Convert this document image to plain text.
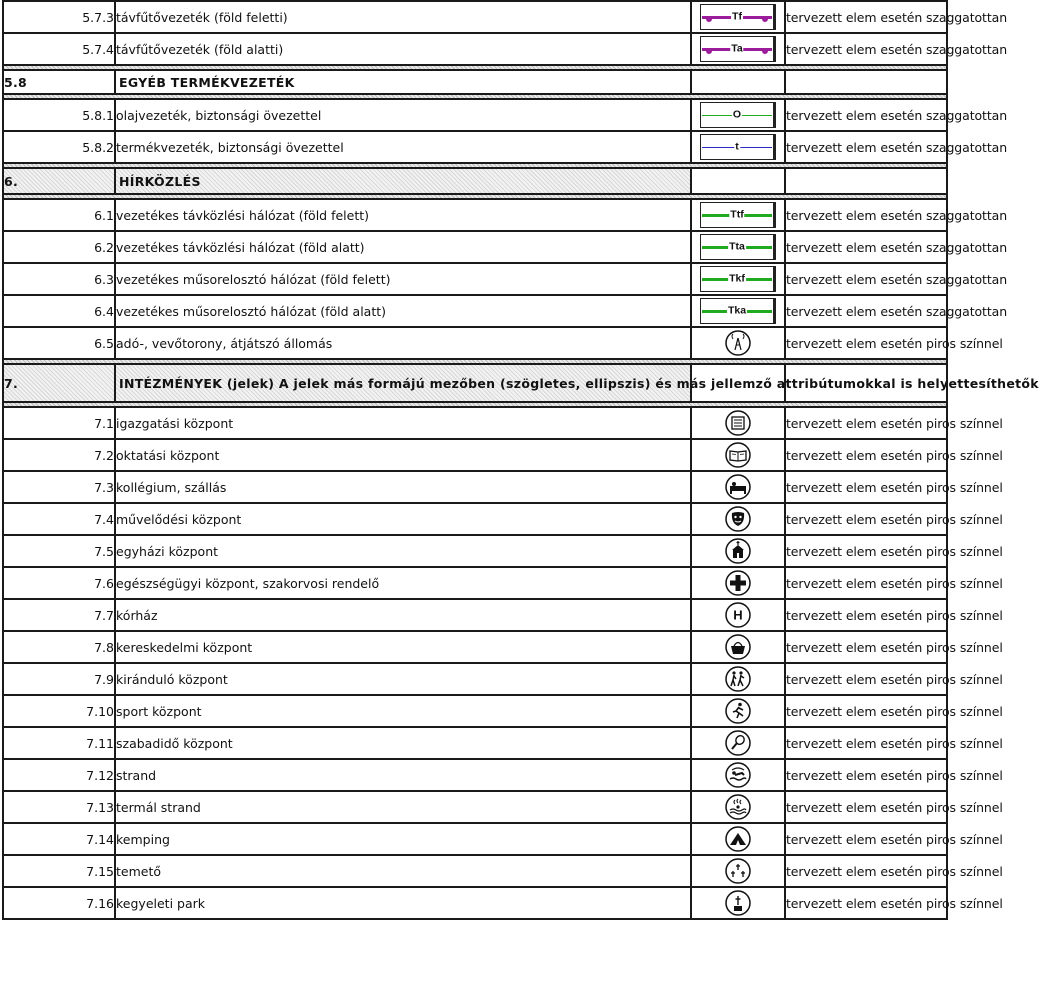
5.7.3	távfűtővezeték (föld feletti)	Tf	tervezett elem esetén szaggatottan
5.7.4	távfűtővezeték (föld alatti)	Ta	tervezett elem esetén szaggatottan

5.8	EGYÉB TERMÉKVEZETÉK		

5.8.1	olajvezeték, biztonsági övezettel	O	tervezett elem esetén szaggatottan
5.8.2	termékvezeték, biztonsági övezettel	t	tervezett elem esetén szaggatottan

6.	HÍRKÖZLÉS		

6.1	vezetékes távközlési hálózat (föld felett)	Ttf	tervezett elem esetén szaggatottan
6.2	vezetékes távközlési hálózat (föld alatt)	Tta	tervezett elem esetén szaggatottan
6.3	vezetékes műsorelosztó hálózat (föld felett)	Tkf	tervezett elem esetén szaggatottan
6.4	vezetékes műsorelosztó hálózat (föld alatt)	Tka	tervezett elem esetén szaggatottan
6.5	adó-, vevőtorony, átjátszó állomás		tervezett elem esetén piros színnel

7.	INTÉZMÉNYEK (jelek) A jelek más formájú mezőben (szögletes, ellipszis) és más jellemző attribútumokkal is helyettesíthetők		

7.1	igazgatási központ		tervezett elem esetén piros színnel
7.2	oktatási központ		tervezett elem esetén piros színnel
7.3	kollégium, szállás		tervezett elem esetén piros színnel
7.4	művelődési központ		tervezett elem esetén piros színnel
7.5	egyházi központ		tervezett elem esetén piros színnel
7.6	egészségügyi központ, szakorvosi rendelő		tervezett elem esetén piros színnel
7.7	kórház	H	tervezett elem esetén piros színnel
7.8	kereskedelmi központ		tervezett elem esetén piros színnel
7.9	kiránduló központ		tervezett elem esetén piros színnel
7.10	sport központ		tervezett elem esetén piros színnel
7.11	szabadidő központ		tervezett elem esetén piros színnel
7.12	strand		tervezett elem esetén piros színnel
7.13	termál strand		tervezett elem esetén piros színnel
7.14	kemping		tervezett elem esetén piros színnel
7.15	temető		tervezett elem esetén piros színnel
7.16	kegyeleti park		tervezett elem esetén piros színnel
